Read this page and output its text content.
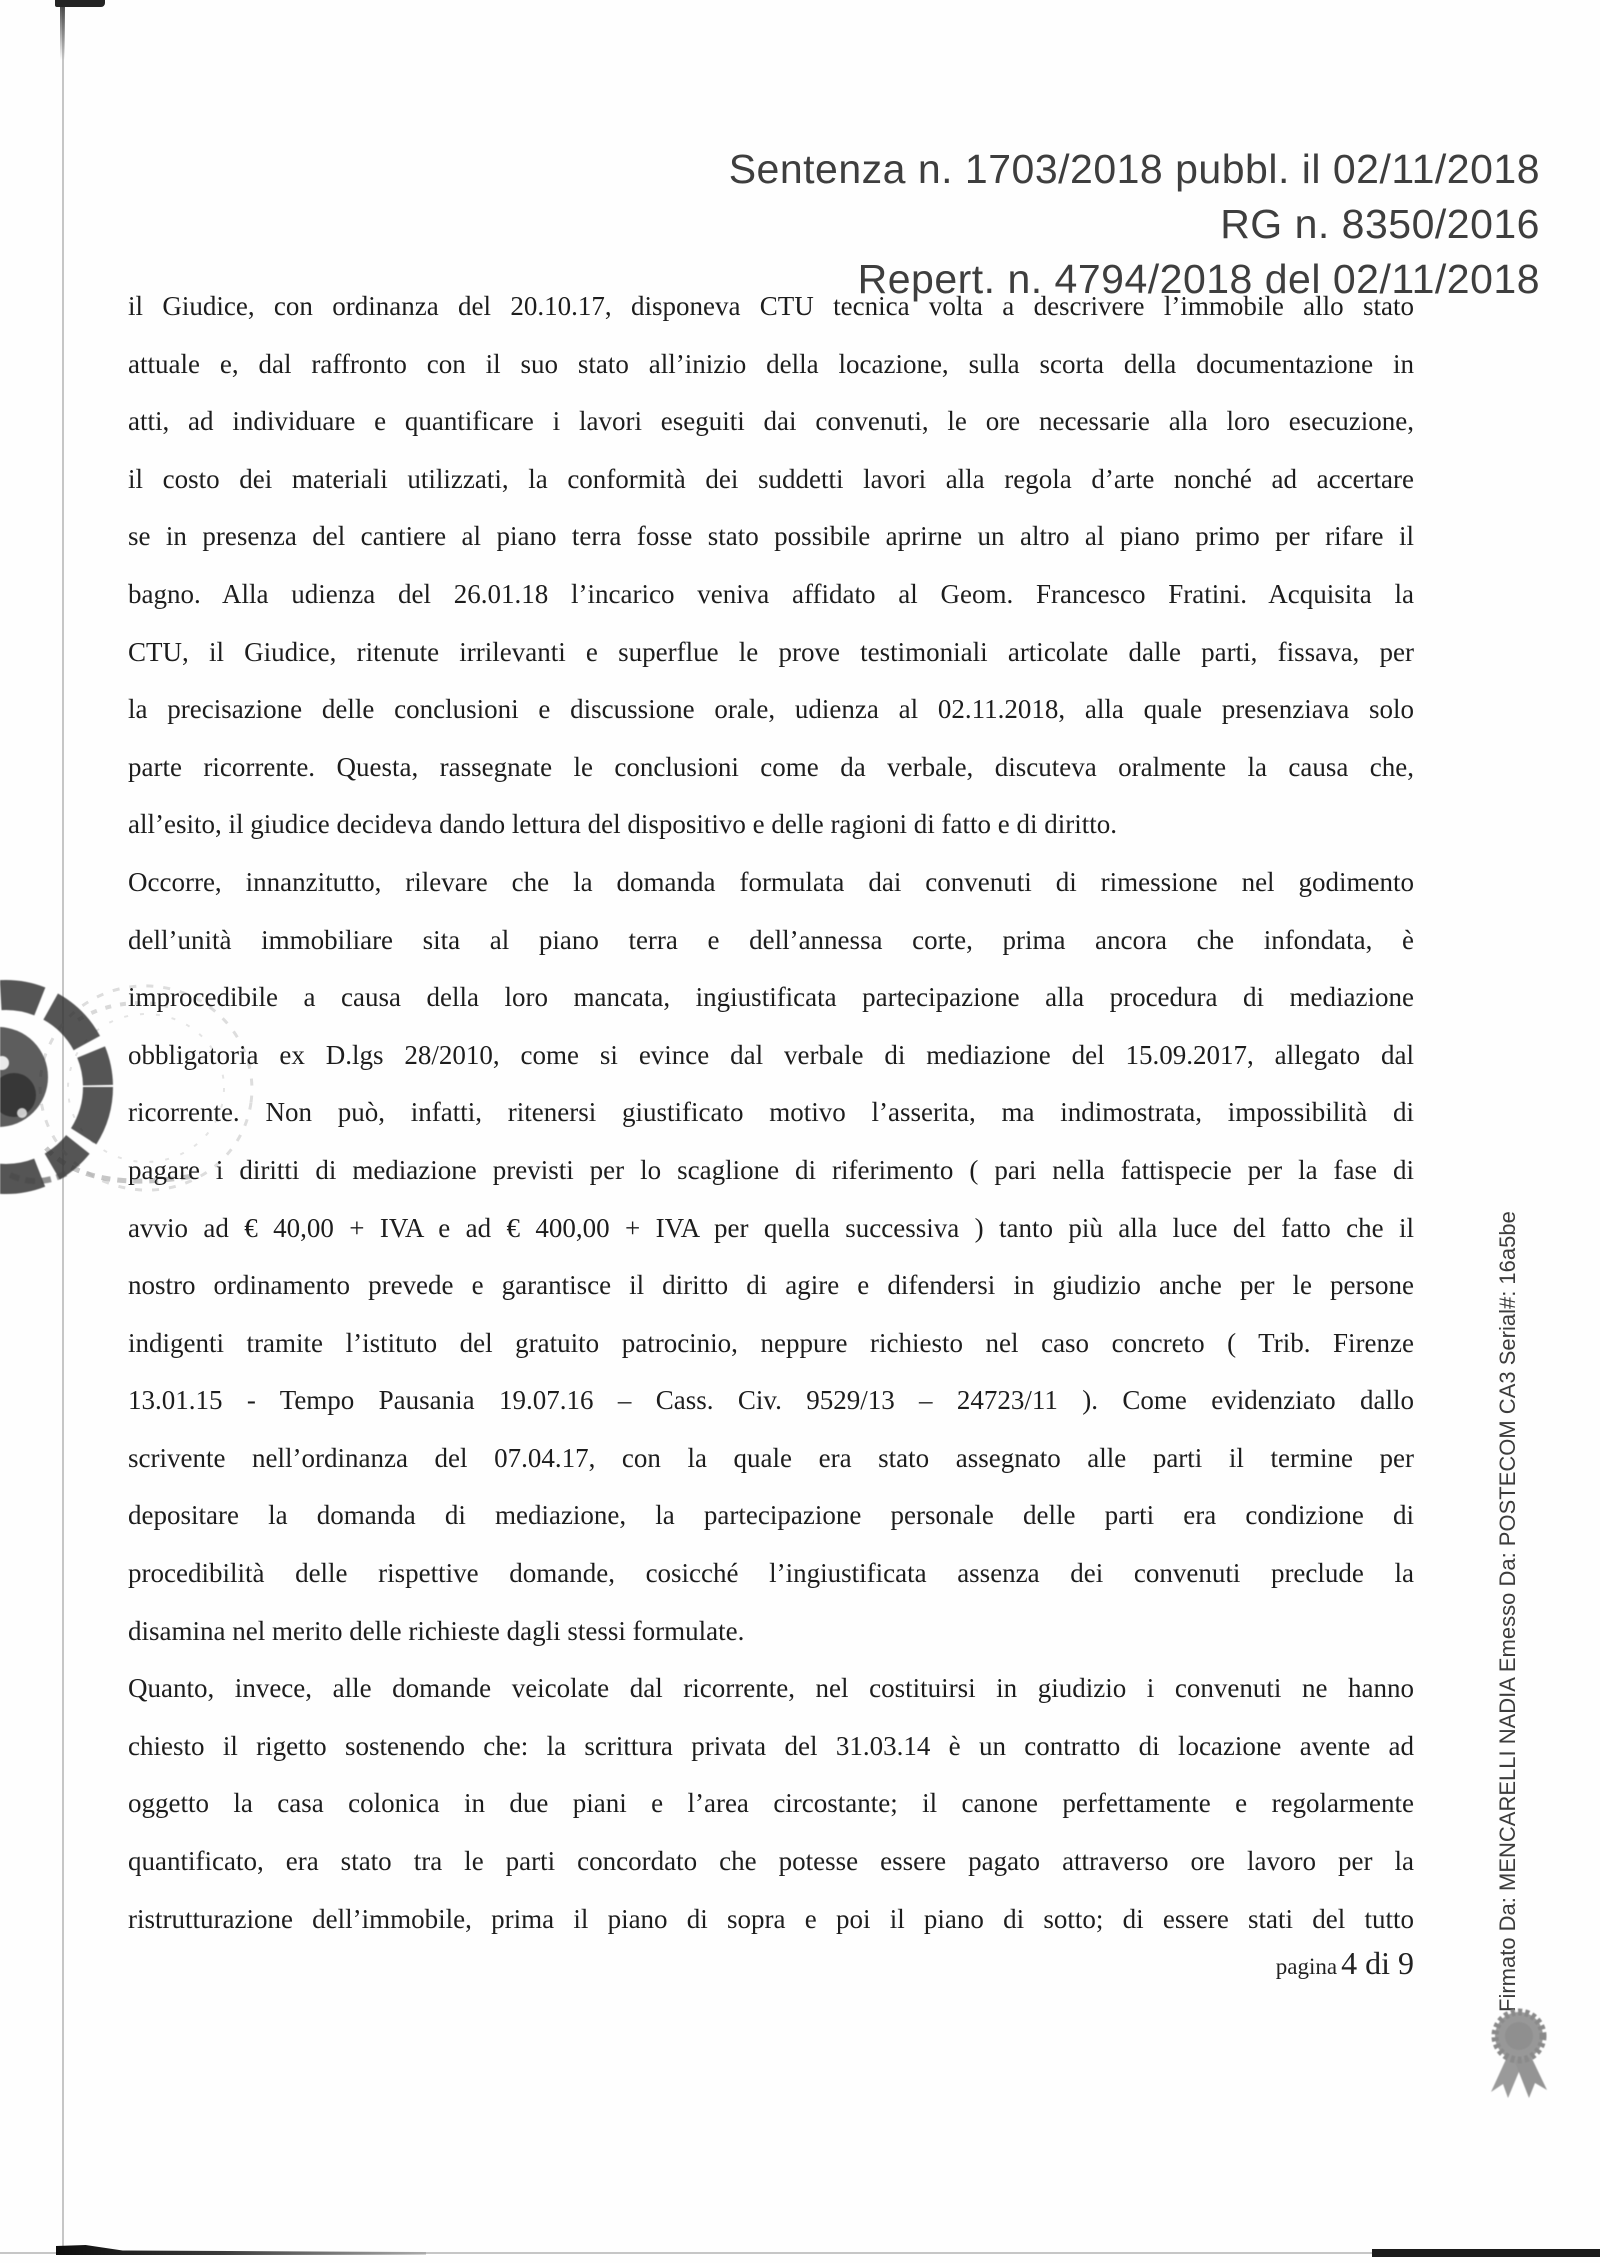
Sentenza n. 1703/2018 pubbl. il 02/11/2018
RG n. 8350/2016
Repert. n. 4794/2018 del 02/11/2018
il Giudice, con ordinanza del 20.10.17, disponeva CTU tecnica volta a descrivere l’immobile allo stato
attuale e, dal raffronto con il suo stato all’inizio della locazione, sulla scorta della documentazione in
atti, ad individuare e quantificare i lavori eseguiti dai convenuti, le ore necessarie alla loro esecuzione,
il costo dei materiali utilizzati, la conformità dei suddetti lavori alla regola d’arte nonché ad accertare
se in presenza del cantiere al piano terra fosse stato possibile aprirne un altro al piano primo per rifare il
bagno. Alla udienza del 26.01.18 l’incarico veniva affidato al Geom. Francesco Fratini. Acquisita la
CTU, il Giudice, ritenute irrilevanti e superflue le prove testimoniali articolate dalle parti, fissava, per
la precisazione delle conclusioni e discussione orale, udienza al 02.11.2018, alla quale presenziava solo
parte ricorrente. Questa, rassegnate le conclusioni come da verbale, discuteva oralmente la causa che,
all’esito, il giudice decideva dando lettura del dispositivo e delle ragioni di fatto e di diritto.
Occorre, innanzitutto, rilevare che la domanda formulata dai convenuti di rimessione nel godimento
dell’unità immobiliare sita al piano terra e dell’annessa corte, prima ancora che infondata, è
improcedibile a causa della loro mancata, ingiustificata partecipazione alla procedura di mediazione
obbligatoria ex D.lgs 28/2010, come si evince dal verbale di mediazione del 15.09.2017, allegato dal
ricorrente. Non può, infatti, ritenersi giustificato motivo l’asserita, ma indimostrata, impossibilità di
pagare i diritti di mediazione previsti per lo scaglione di riferimento ( pari nella fattispecie per la fase di
avvio ad € 40,00 + IVA e ad € 400,00 + IVA per quella successiva ) tanto più alla luce del fatto che il
nostro ordinamento prevede e garantisce il diritto di agire e difendersi in giudizio anche per le persone
indigenti tramite l’istituto del gratuito patrocinio, neppure richiesto nel caso concreto ( Trib. Firenze
13.01.15 - Tempo Pausania 19.07.16 – Cass. Civ. 9529/13 – 24723/11 ). Come evidenziato dallo
scrivente nell’ordinanza del 07.04.17, con la quale era stato assegnato alle parti il termine per
depositare la domanda di mediazione, la partecipazione personale delle parti era condizione di
procedibilità delle rispettive domande, cosicché l’ingiustificata assenza dei convenuti preclude la
disamina nel merito delle richieste dagli stessi formulate.
Quanto, invece, alle domande veicolate dal ricorrente, nel costituirsi in giudizio i convenuti ne hanno
chiesto il rigetto sostenendo che: la scrittura privata del 31.03.14 è un contratto di locazione avente ad
oggetto la casa colonica in due piani e l’area circostante; il canone perfettamente e regolarmente
quantificato, era stato tra le parti concordato che potesse essere pagato attraverso ore lavoro per la
ristrutturazione dell’immobile, prima il piano di sopra e poi il piano di sotto; di essere stati del tutto
pagina 4 di 9	Firmato Da: MENCARELLI NADIA Emesso Da: POSTECOM CA3 Serial#: 16a5be
